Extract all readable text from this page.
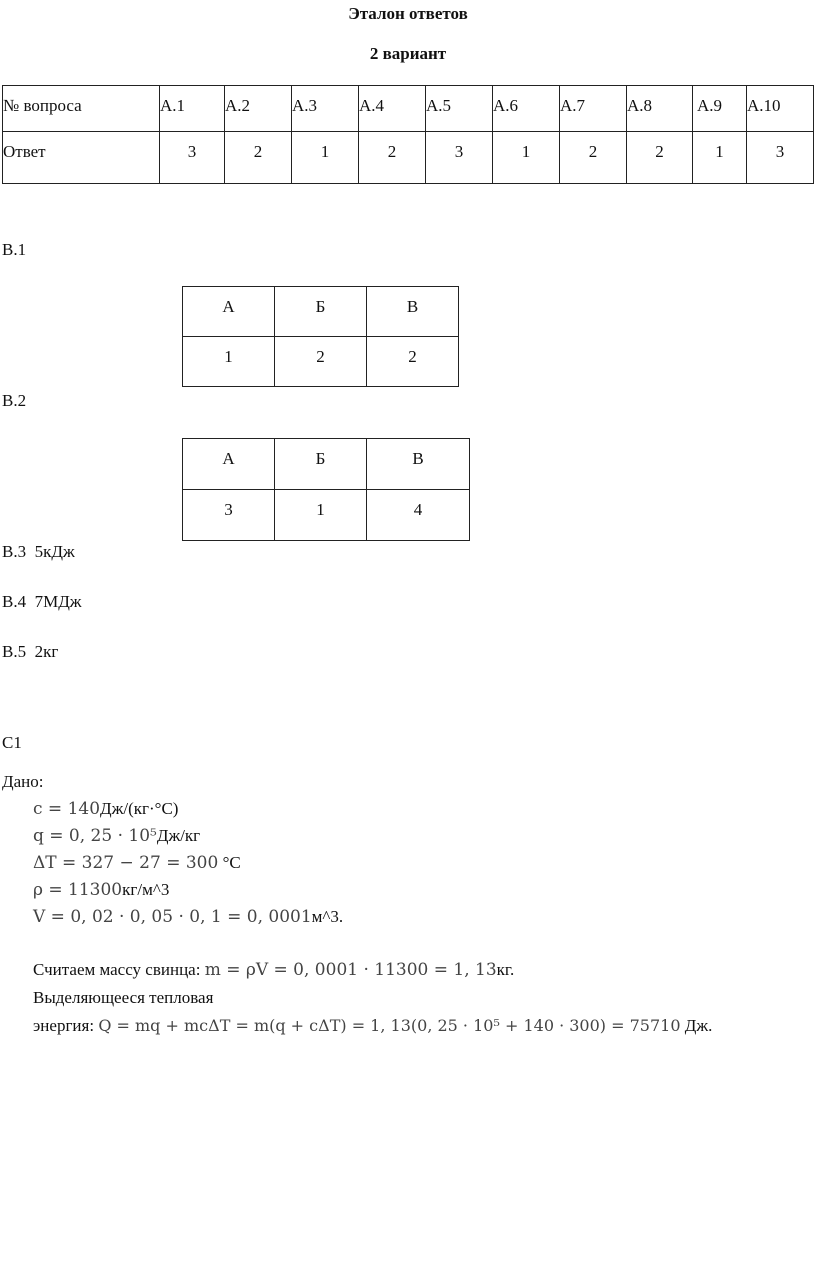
Эталон ответов
2 вариант
№ вопроса	А.1	А.2	А.3	А.4	А.5	А.6	А.7	А.8	А.9	А.10

Ответ	3	2	1	2	3	1	2	2	1	3
В.1
А	Б	В

1	2	2
В.2
А	Б	В

3	1	4
В.3 5кДж
В.4 7МДж
В.5 2кг
С1
Дано:
c = 140Дж/(кг·°C)
q = 0, 25 · 10⁵Дж/кг
ΔT = 327 − 27 = 300 °C
ρ = 11300кг/м^3
V = 0, 02 · 0, 05 · 0, 1 = 0, 0001м^3.
Считаем массу свинца: m = ρV = 0, 0001 · 11300 = 1, 13кг.
Выделяющееся тепловая
энергия: Q = mq + mcΔT = m(q + cΔT) = 1, 13(0, 25 · 10⁵ + 140 · 300) = 75710 Дж.
